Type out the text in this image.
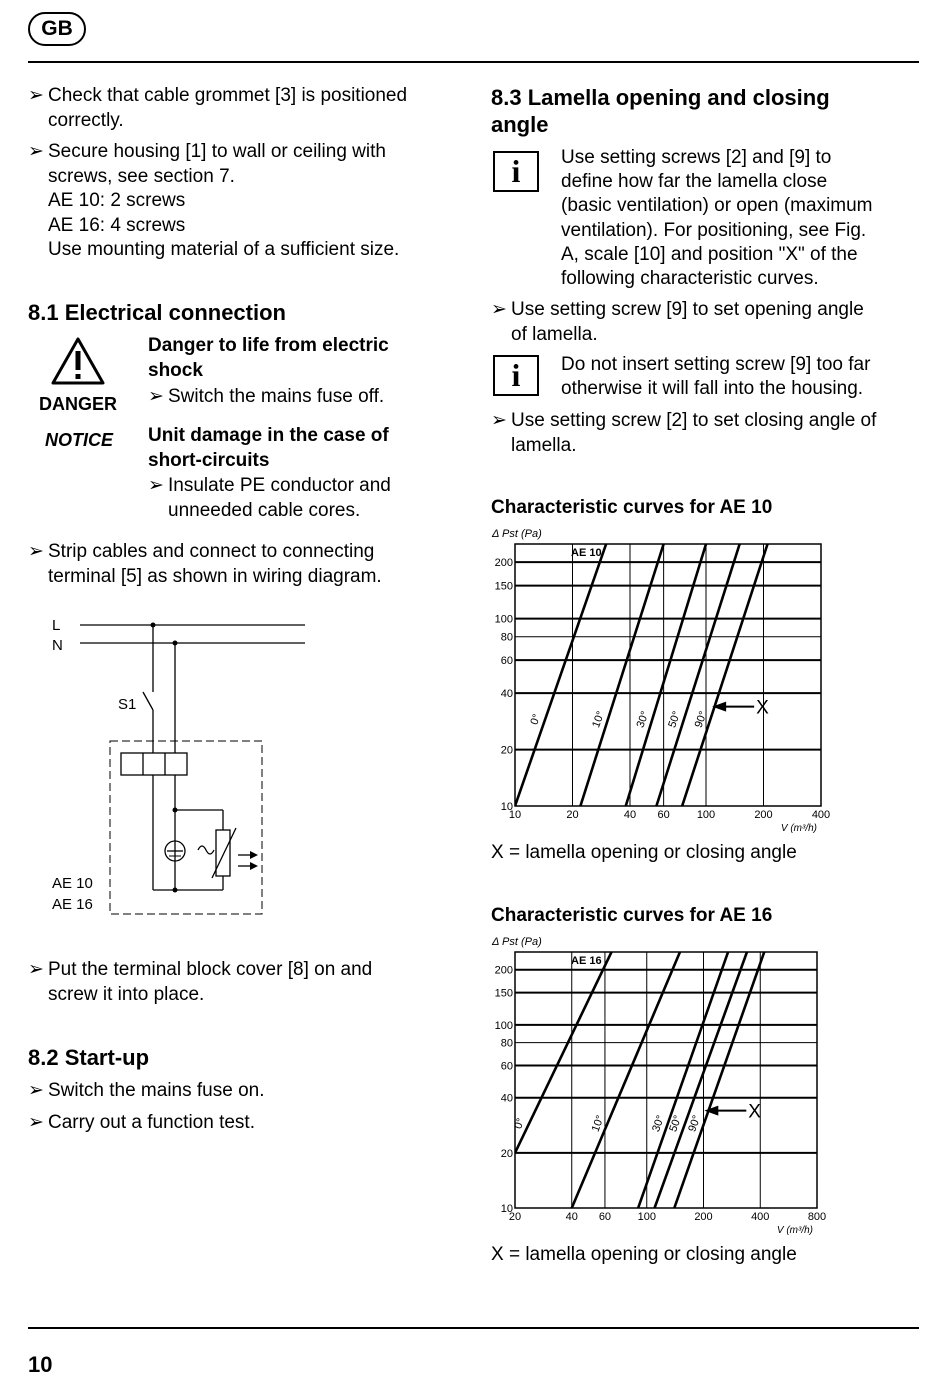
GB
➢ Check that cable grommet [3] is positioned
correctly.
➢ Secure housing [1] to wall or ceiling with
screws, see section 7.
AE 10: 2 screws
AE 16: 4 screws
Use mounting material of a sufficient size.
8.1 Electrical connection
DANGER
Danger to life from electric
shock
➢ Switch the mains fuse off.
NOTICE Unit damage in the case of
short-circuits
➢ Insulate PE conductor and
unneeded cable cores.
➢ Strip cables and connect to connecting
terminal [5] as shown in wiring diagram.
L
N
S1
AE 10
AE 16
➢ Put the terminal block cover [8] on and
screw it into place.
8.2 Start-up
➢ Switch the mains fuse on.
➢ Carry out a function test.
8.3 Lamella opening and closing
angle
i	Use setting screws [2] and [9] to
define how far the lamella close
(basic ventilation) or open (maximum
ventilation). For positioning, see Fig.
A, scale [10] and position "X" of the
following characteristic curves.
➢ Use setting screw [9] to set opening angle
of lamella.
i	Do not insert setting screw [9] too far
otherwise it will fall into the housing.
➢ Use setting screw [2] to set closing angle of
lamella.
Characteristic curves for AE 10
10	20	40 60 100	200	400
10
20
40
60
80
100
150
200
Δ Pst (Pa)
V (m³/h)
AE 10
0°	10° 30° 50° 90°
X
X = lamella opening or closing angle
Characteristic curves for AE 16
20	40 60 100	200	400	800
10
20
40
60
80
100
150
200
Δ Pst (Pa)
V (m³/h)
AE 16
0°	10°	30° 50° 90°
X
X = lamella opening or closing angle
10
